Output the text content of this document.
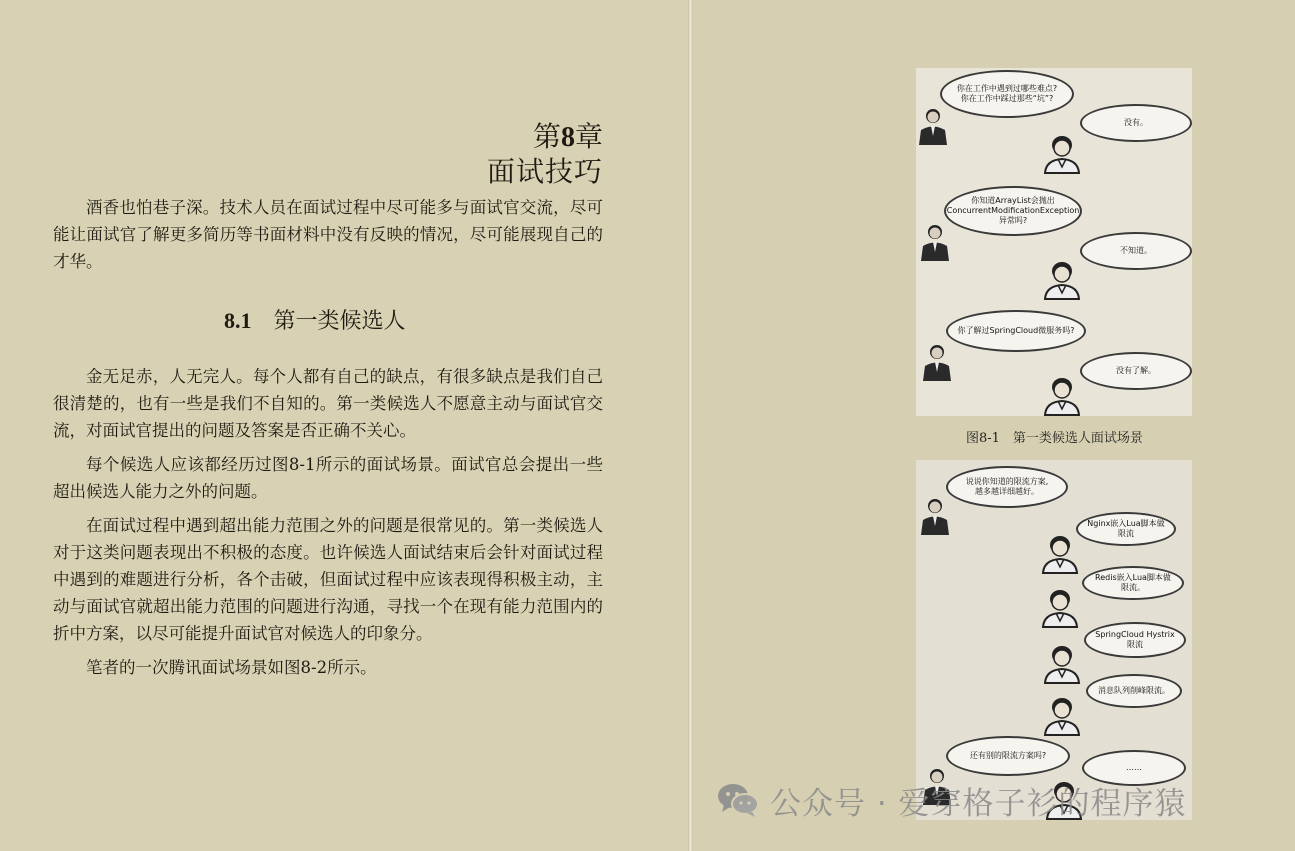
第8章
面试技巧

酒香也怕巷子深。技术人员在面试过程中尽可能多与面试官交流，尽可能让面试官了解更多简历等书面材料中没有反映的情况，尽可能展现自己的才华。

8.1 第一类候选人

金无足赤，人无完人。每个人都有自己的缺点，有很多缺点是我们自己很清楚的，也有一些是我们不自知的。第一类候选人不愿意主动与面试官交流，对面试官提出的问题及答案是否正确不关心。

每个候选人应该都经历过图8-1所示的面试场景。面试官总会提出一些超出候选人能力之外的问题。

在面试过程中遇到超出能力范围之外的问题是很常见的。第一类候选人对于这类问题表现出不积极的态度。也许候选人面试结束后会针对面试过程中遇到的难题进行分析，各个击破，但面试过程中应该表现得积极主动，主动与面试官就超出能力范围的问题进行沟通，寻找一个在现有能力范围内的折中方案，以尽可能提升面试官对候选人的印象分。

笔者的一次腾讯面试场景如图8-2所示。

你在工作中遇到过哪些难点?
你在工作中踩过那些“坑”?
没有。
你知道ArrayList会抛出
ConcurrentModificationException
异常吗?
不知道。
你了解过SpringCloud微服务吗?
没有了解。
图8-1　第一类候选人面试场景
说说你知道的限流方案,
越多越详细越好。
Nginx嵌入Lua脚本做限流
Redis嵌入Lua脚本做限流。
SpringCloud Hystrix限流
消息队列削峰限流。
还有别的限流方案吗?
……
公众号 · 爱穿格子衫的程序猿
